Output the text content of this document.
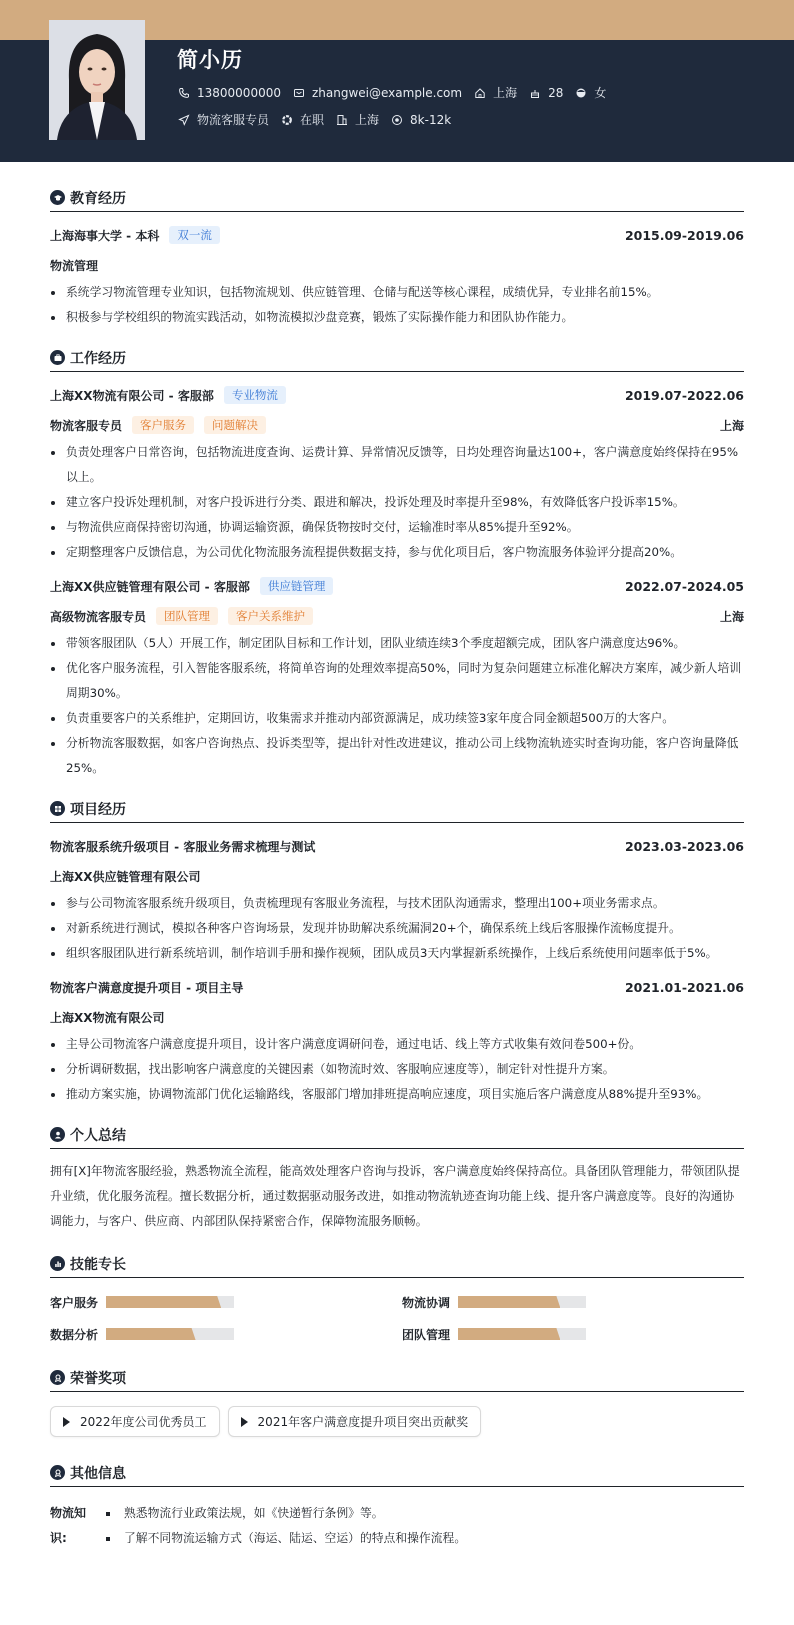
简小历
13800000000	zhangwei@example.com	上海	28	女
物流客服专员	在职	上海	8k-12k
教育经历
上海海事大学 - 本科	双一流	2015.09-2019.06
物流管理
系统学习物流管理专业知识，包括物流规划、供应链管理、仓储与配送等核心课程，成绩优异，专业排名前15%。
积极参与学校组织的物流实践活动，如物流模拟沙盘竞赛，锻炼了实际操作能力和团队协作能力。
工作经历
上海XX物流有限公司 - 客服部	专业物流	2019.07-2022.06
物流客服专员	客户服务	问题解决	上海
负责处理客户日常咨询，包括物流进度查询、运费计算、异常情况反馈等，日均处理咨询量达100+，客户满意度始终保持在95%以上。
建立客户投诉处理机制，对客户投诉进行分类、跟进和解决，投诉处理及时率提升至98%，有效降低客户投诉率15%。
与物流供应商保持密切沟通，协调运输资源，确保货物按时交付，运输准时率从85%提升至92%。
定期整理客户反馈信息，为公司优化物流服务流程提供数据支持，参与优化项目后，客户物流服务体验评分提高20%。
上海XX供应链管理有限公司 - 客服部	供应链管理	2022.07-2024.05
高级物流客服专员	团队管理	客户关系维护	上海
带领客服团队（5人）开展工作，制定团队目标和工作计划，团队业绩连续3个季度超额完成，团队客户满意度达96%。
优化客户服务流程，引入智能客服系统，将简单咨询的处理效率提高50%，同时为复杂问题建立标准化解决方案库，减少新人培训周期30%。
负责重要客户的关系维护，定期回访，收集需求并推动内部资源满足，成功续签3家年度合同金额超500万的大客户。
分析物流客服数据，如客户咨询热点、投诉类型等，提出针对性改进建议，推动公司上线物流轨迹实时查询功能，客户咨询量降低25%。
项目经历
物流客服系统升级项目 - 客服业务需求梳理与测试	2023.03-2023.06
上海XX供应链管理有限公司
参与公司物流客服系统升级项目，负责梳理现有客服业务流程，与技术团队沟通需求，整理出100+项业务需求点。
对新系统进行测试，模拟各种客户咨询场景，发现并协助解决系统漏洞20+个，确保系统上线后客服操作流畅度提升。
组织客服团队进行新系统培训，制作培训手册和操作视频，团队成员3天内掌握新系统操作，上线后系统使用问题率低于5%。
物流客户满意度提升项目 - 项目主导	2021.01-2021.06
上海XX物流有限公司
主导公司物流客户满意度提升项目，设计客户满意度调研问卷，通过电话、线上等方式收集有效问卷500+份。
分析调研数据，找出影响客户满意度的关键因素（如物流时效、客服响应速度等），制定针对性提升方案。
推动方案实施，协调物流部门优化运输路线，客服部门增加排班提高响应速度，项目实施后客户满意度从88%提升至93%。
个人总结

拥有[X]年物流客服经验，熟悉物流全流程，能高效处理客户咨询与投诉，客户满意度始终保持高位。具备团队管理能力，带领团队提升业绩，优化服务流程。擅长数据分析，通过数据驱动服务改进，如推动物流轨迹查询功能上线、提升客户满意度等。良好的沟通协调能力，与客户、供应商、内部团队保持紧密合作，保障物流服务顺畅。

技能专长
客户服务	物流协调
数据分析	团队管理
荣誉奖项
2022年度公司优秀员工	2021年客户满意度提升项目突出贡献奖
其他信息
物流知识:
熟悉物流行业政策法规，如《快递暂行条例》等。
了解不同物流运输方式（海运、陆运、空运）的特点和操作流程。
